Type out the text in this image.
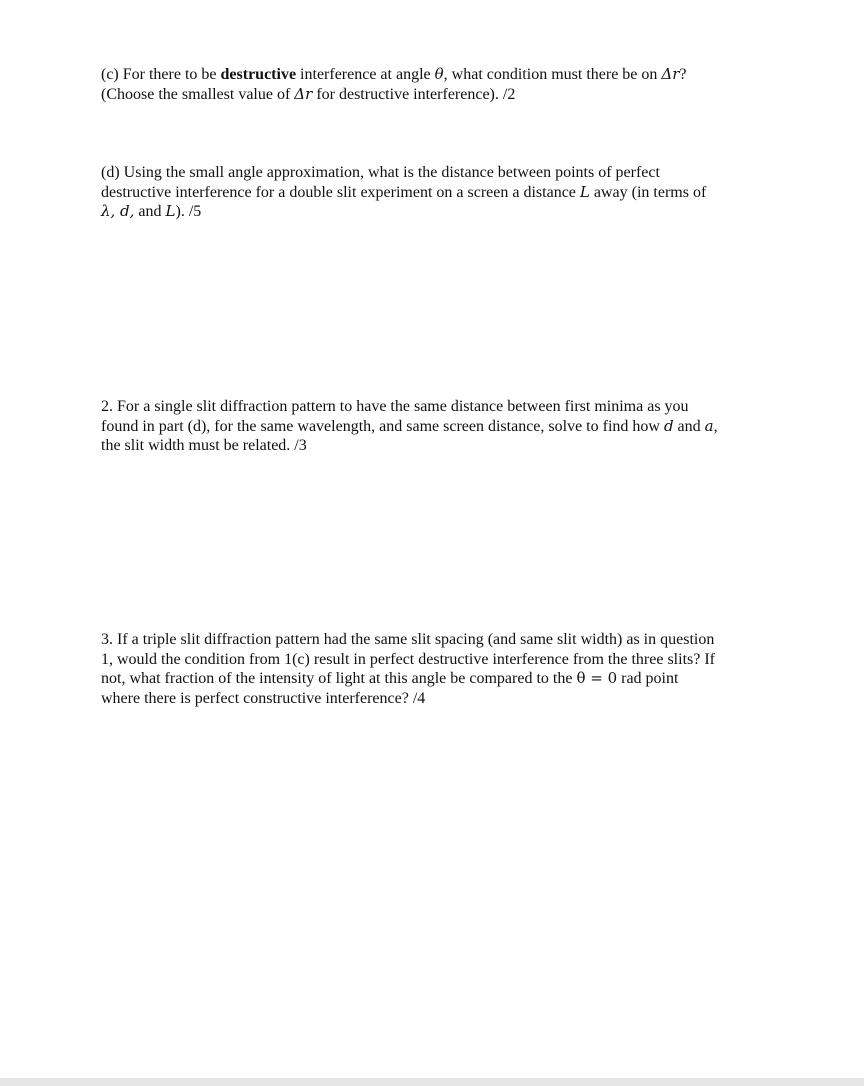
(c) For there to be destructive interference at angle θ, what condition must there be on Δr?
(Choose the smallest value of Δr for destructive interference). /2
(d) Using the small angle approximation, what is the distance between points of perfect
destructive interference for a double slit experiment on a screen a distance L away (in terms of
λ, d, and L). /5
2. For a single slit diffraction pattern to have the same distance between first minima as you
found in part (d), for the same wavelength, and same screen distance, solve to find how d and a,
the slit width must be related. /3
3. If a triple slit diffraction pattern had the same slit spacing (and same slit width) as in question
1, would the condition from 1(c) result in perfect destructive interference from the three slits? If
not, what fraction of the intensity of light at this angle be compared to the θ = 0 rad point
where there is perfect constructive interference? /4
